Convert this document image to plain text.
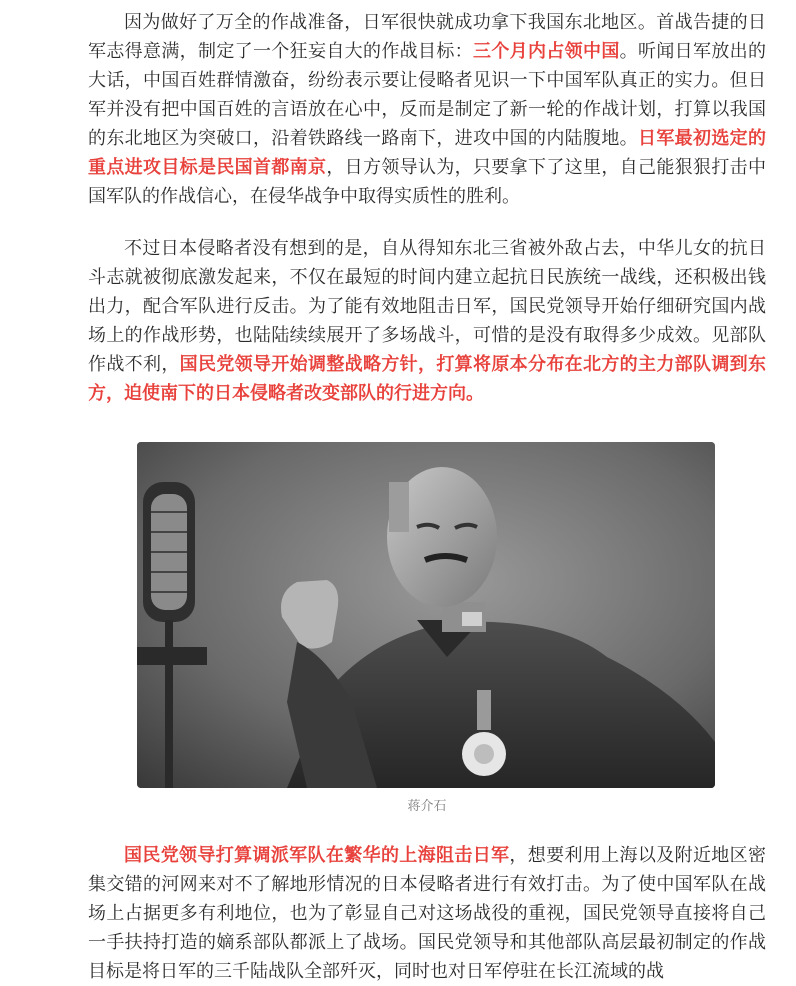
因为做好了万全的作战准备，日军很快就成功拿下我国东北地区。首战告捷的日军志得意满，制定了一个狂妄自大的作战目标：三个月内占领中国。听闻日军放出的大话，中国百姓群情激奋，纷纷表示要让侵略者见识一下中国军队真正的实力。但日军并没有把中国百姓的言语放在心中，反而是制定了新一轮的作战计划，打算以我国的东北地区为突破口，沿着铁路线一路南下，进攻中国的内陆腹地。日军最初选定的重点进攻目标是民国首都南京，日方领导认为，只要拿下了这里，自己能狠狠打击中国军队的作战信心，在侵华战争中取得实质性的胜利。

不过日本侵略者没有想到的是，自从得知东北三省被外敌占去，中华儿女的抗日斗志就被彻底激发起来，不仅在最短的时间内建立起抗日民族统一战线，还积极出钱出力，配合军队进行反击。为了能有效地阻击日军，国民党领导开始仔细研究国内战场上的作战形势，也陆陆续续展开了多场战斗，可惜的是没有取得多少成效。见部队作战不利，国民党领导开始调整战略方针，打算将原本分布在北方的主力部队调到东方，迫使南下的日本侵略者改变部队的行进方向。

蒋介石

国民党领导打算调派军队在繁华的上海阻击日军，想要利用上海以及附近地区密集交错的河网来对不了解地形情况的日本侵略者进行有效打击。为了使中国军队在战场上占据更多有利地位，也为了彰显自己对这场战役的重视，国民党领导直接将自己一手扶持打造的嫡系部队都派上了战场。国民党领导和其他部队高层最初制定的作战目标是将日军的三千陆战队全部歼灭，同时也对日军停驻在长江流域的战
